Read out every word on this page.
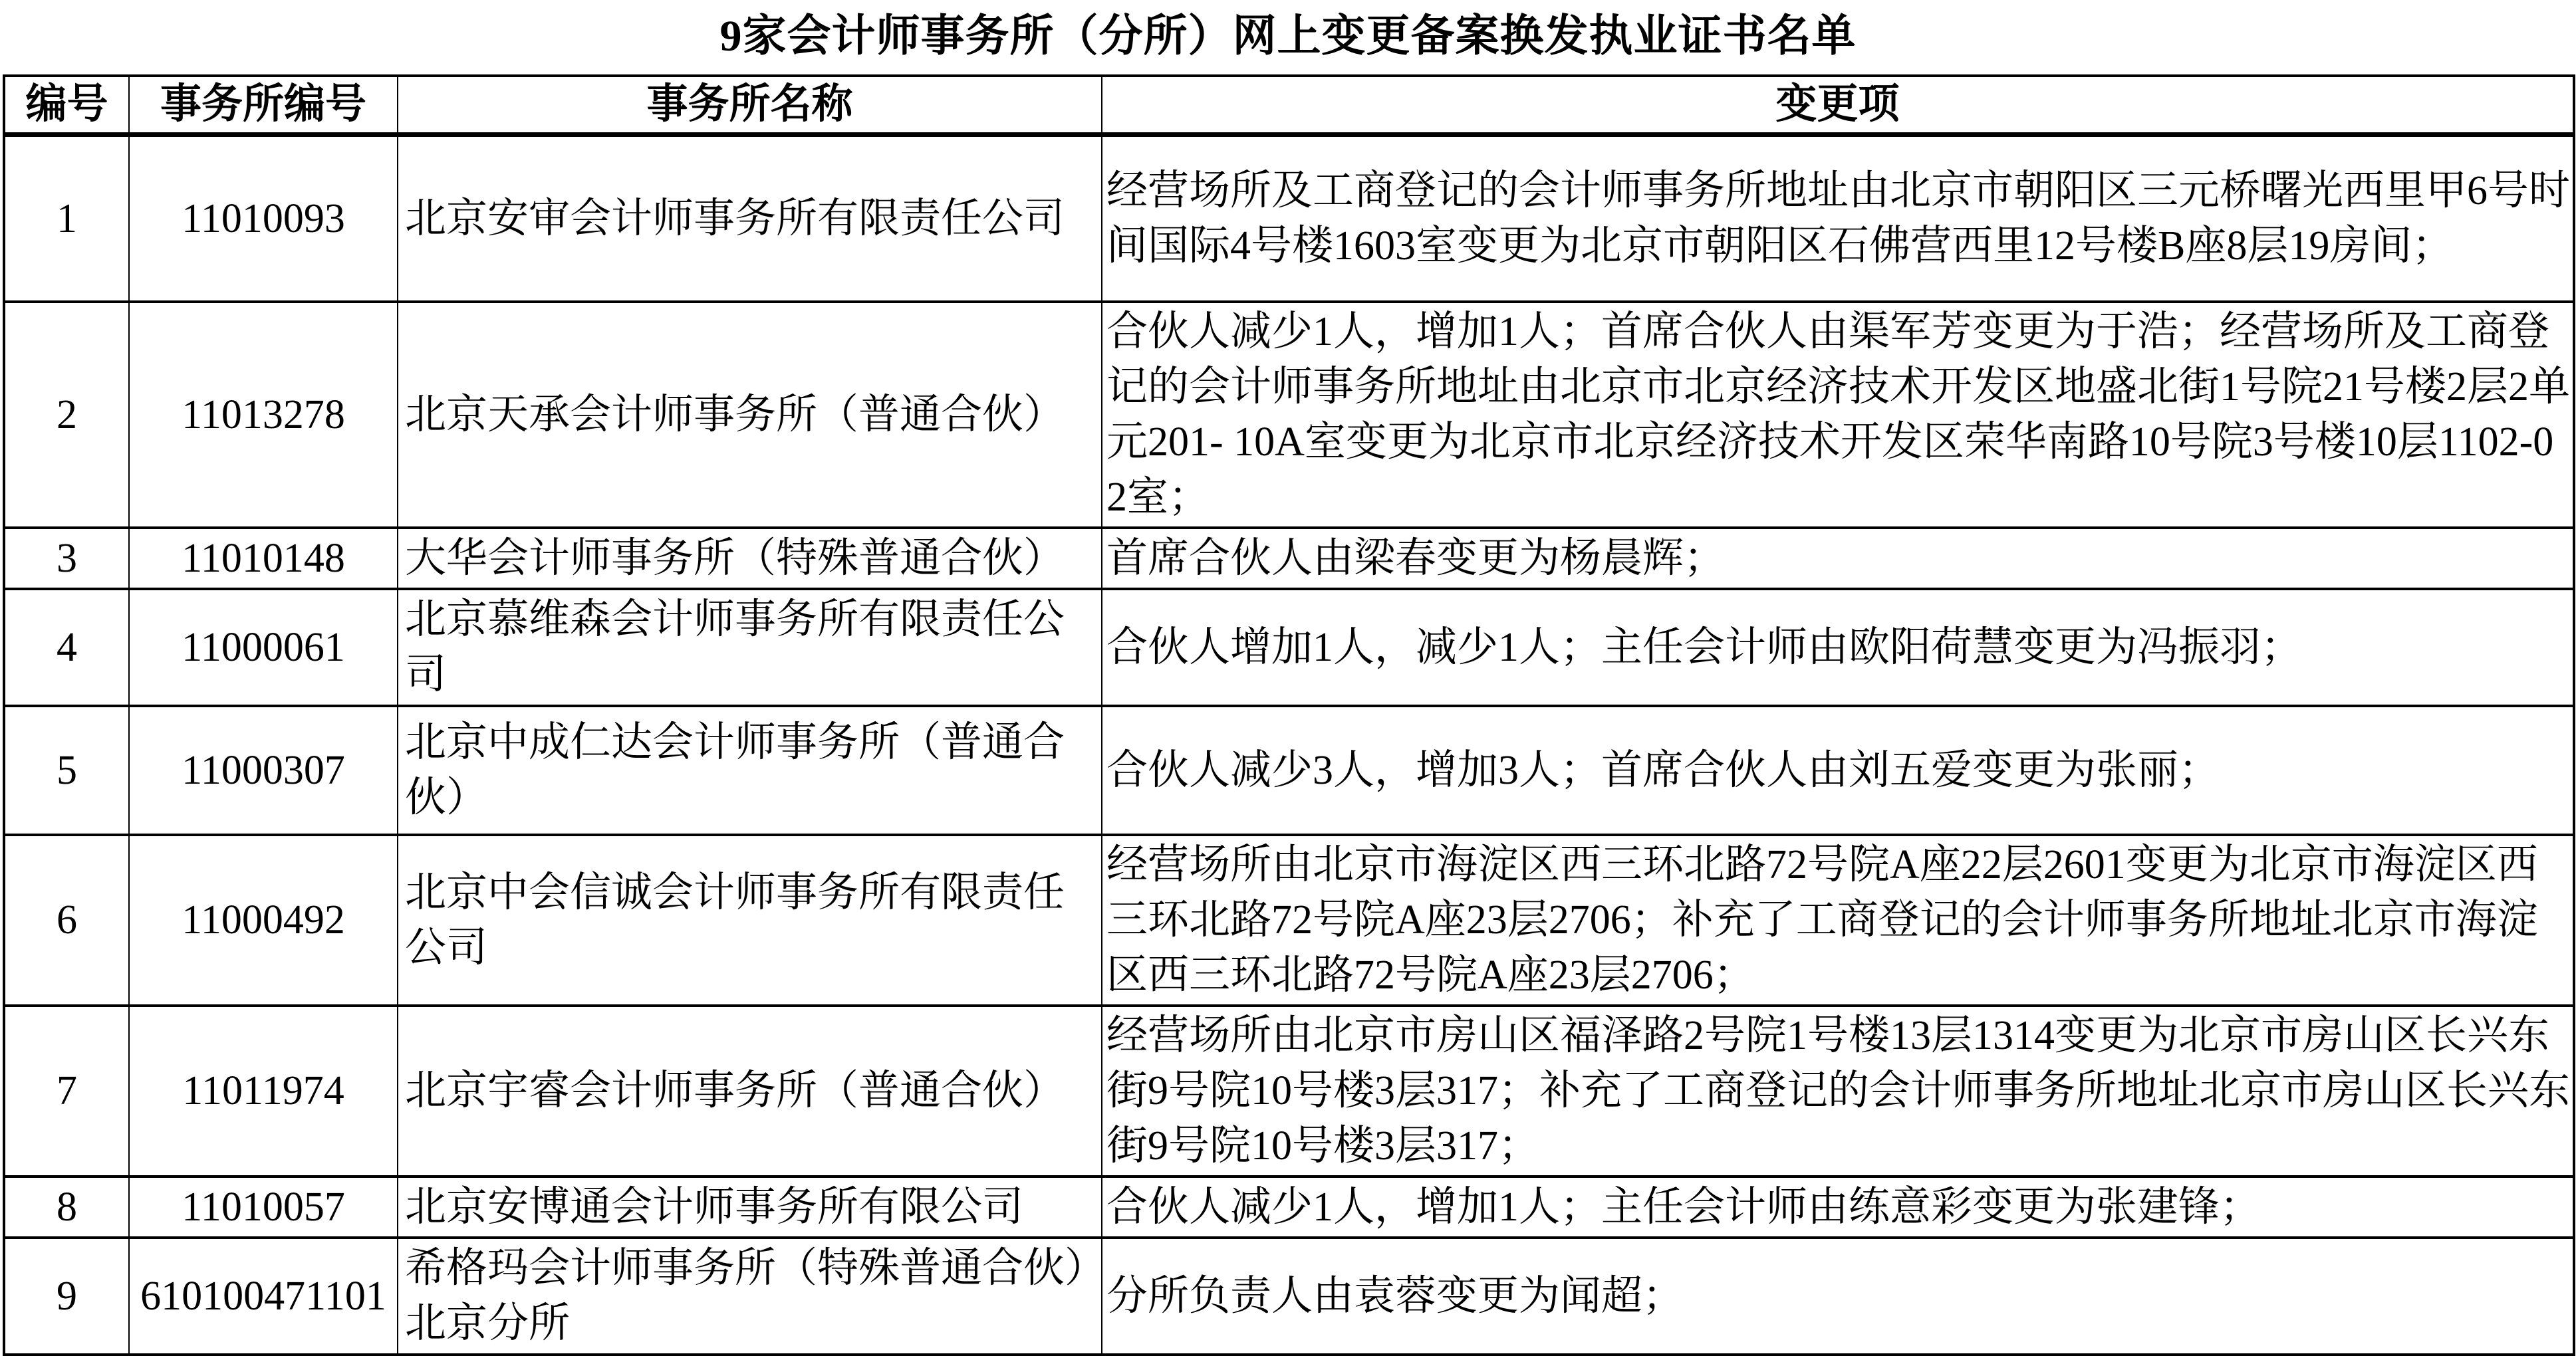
9家会计师事务所（分所）网上变更备案换发执业证书名单
编号	事务所编号	事务所名称	变更项
1	11010093	北京安审会计师事务所有限责任公司	经营场所及工商登记的会计师事务所地址由北京市朝阳区三元桥曙光西里甲6号时间国际4号楼1603室变更为北京市朝阳区石佛营西里12号楼B座8层19房间；
2	11013278	北京天承会计师事务所（普通合伙）	合伙人减少1人，增加1人；首席合伙人由渠军芳变更为于浩；经营场所及工商登记的会计师事务所地址由北京市北京经济技术开发区地盛北街1号院21号楼2层2单元201- 10A室变更为北京市北京经济技术开发区荣华南路10号院3号楼10层1102-02室；
3	11010148	大华会计师事务所（特殊普通合伙）	首席合伙人由梁春变更为杨晨辉；
4	11000061	北京慕维森会计师事务所有限责任公司	合伙人增加1人，减少1人；主任会计师由欧阳荷慧变更为冯振羽；
5	11000307	北京中成仁达会计师事务所（普通合伙）	合伙人减少3人，增加3人；首席合伙人由刘五爱变更为张丽；
6	11000492	北京中会信诚会计师事务所有限责任公司	经营场所由北京市海淀区西三环北路72号院A座22层2601变更为北京市海淀区西三环北路72号院A座23层2706；补充了工商登记的会计师事务所地址北京市海淀区西三环北路72号院A座23层2706；
7	11011974	北京宇睿会计师事务所（普通合伙）	经营场所由北京市房山区福泽路2号院1号楼13层1314变更为北京市房山区长兴东街9号院10号楼3层317；补充了工商登记的会计师事务所地址北京市房山区长兴东街9号院10号楼3层317；
8	11010057	北京安博通会计师事务所有限公司	合伙人减少1人，增加1人；主任会计师由练意彩变更为张建锋；
9	610100471101	希格玛会计师事务所（特殊普通合伙）北京分所	分所负责人由袁蓉变更为闻超；
